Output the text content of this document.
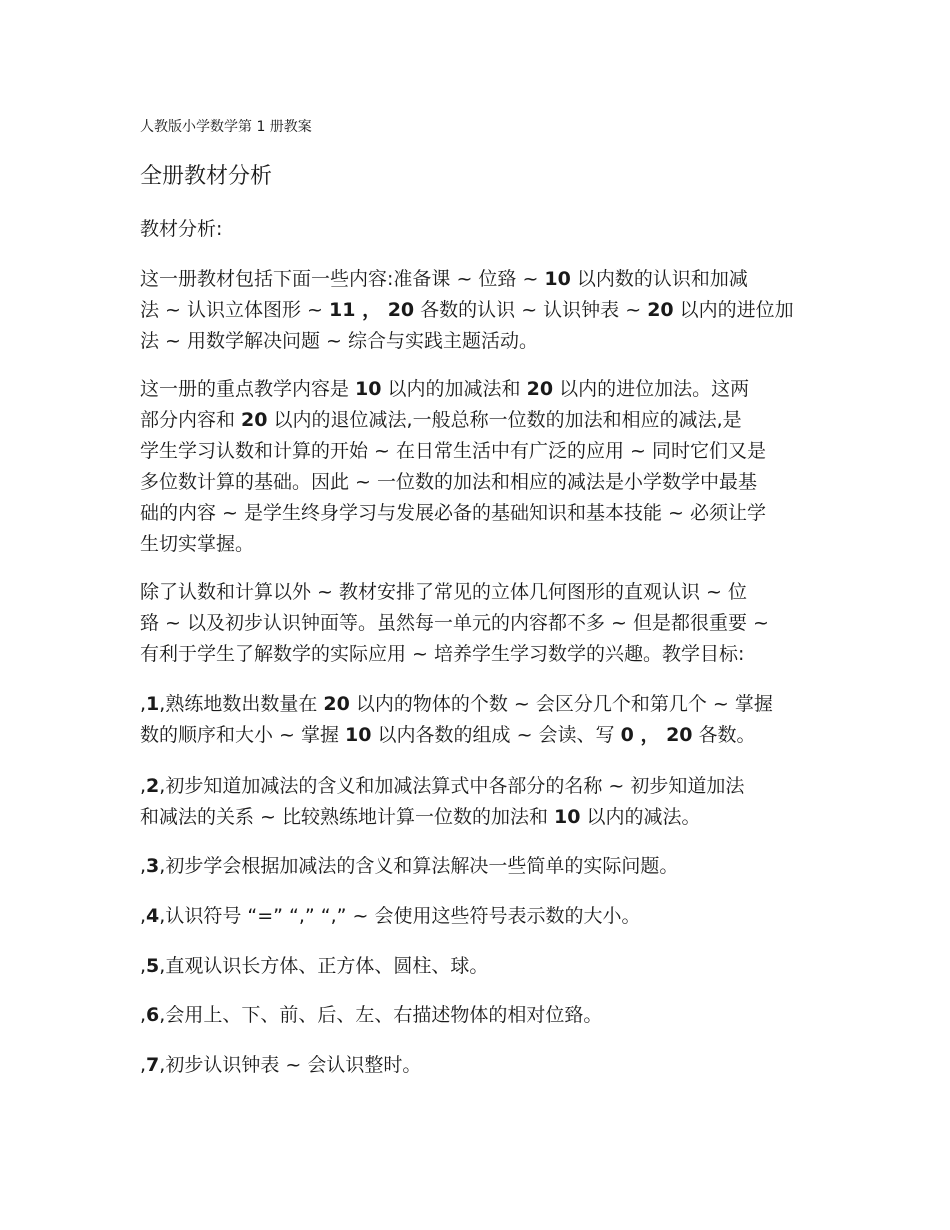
人教版小学数学第 1 册教案
全册教材分析
教材分析:
这一册教材包括下面一些内容:准备课 ~ 位臵 ~ 10 以内数的认识和加减
法 ~ 认识立体图形 ~ 11 ， 20 各数的认识 ~ 认识钟表 ~ 20 以内的进位加
法 ~ 用数学解决问题 ~ 综合与实践主题活动。
这一册的重点教学内容是 10 以内的加减法和 20 以内的进位加法。这两
部分内容和 20 以内的退位减法,一般总称一位数的加法和相应的减法,是
学生学习认数和计算的开始 ~ 在日常生活中有广泛的应用 ~ 同时它们又是
多位数计算的基础。因此 ~ 一位数的加法和相应的减法是小学数学中最基
础的内容 ~ 是学生终身学习与发展必备的基础知识和基本技能 ~ 必须让学
生切实掌握。
除了认数和计算以外 ~ 教材安排了常见的立体几何图形的直观认识 ~ 位
臵 ~ 以及初步认识钟面等。虽然每一单元的内容都不多 ~ 但是都很重要 ~
有利于学生了解数学的实际应用 ~ 培养学生学习数学的兴趣。教学目标:
,1,熟练地数出数量在 20 以内的物体的个数 ~ 会区分几个和第几个 ~ 掌握
数的顺序和大小 ~ 掌握 10 以内各数的组成 ~ 会读、写 0 ， 20 各数。
,2,初步知道加减法的含义和加减法算式中各部分的名称 ~ 初步知道加法
和减法的关系 ~ 比较熟练地计算一位数的加法和 10 以内的减法。
,3,初步学会根据加减法的含义和算法解决一些简单的实际问题。
,4,认识符号 “=” “,” “,” ~ 会使用这些符号表示数的大小。
,5,直观认识长方体、正方体、圆柱、球。
,6,会用上、下、前、后、左、右描述物体的相对位臵。
,7,初步认识钟表 ~ 会认识整时。
